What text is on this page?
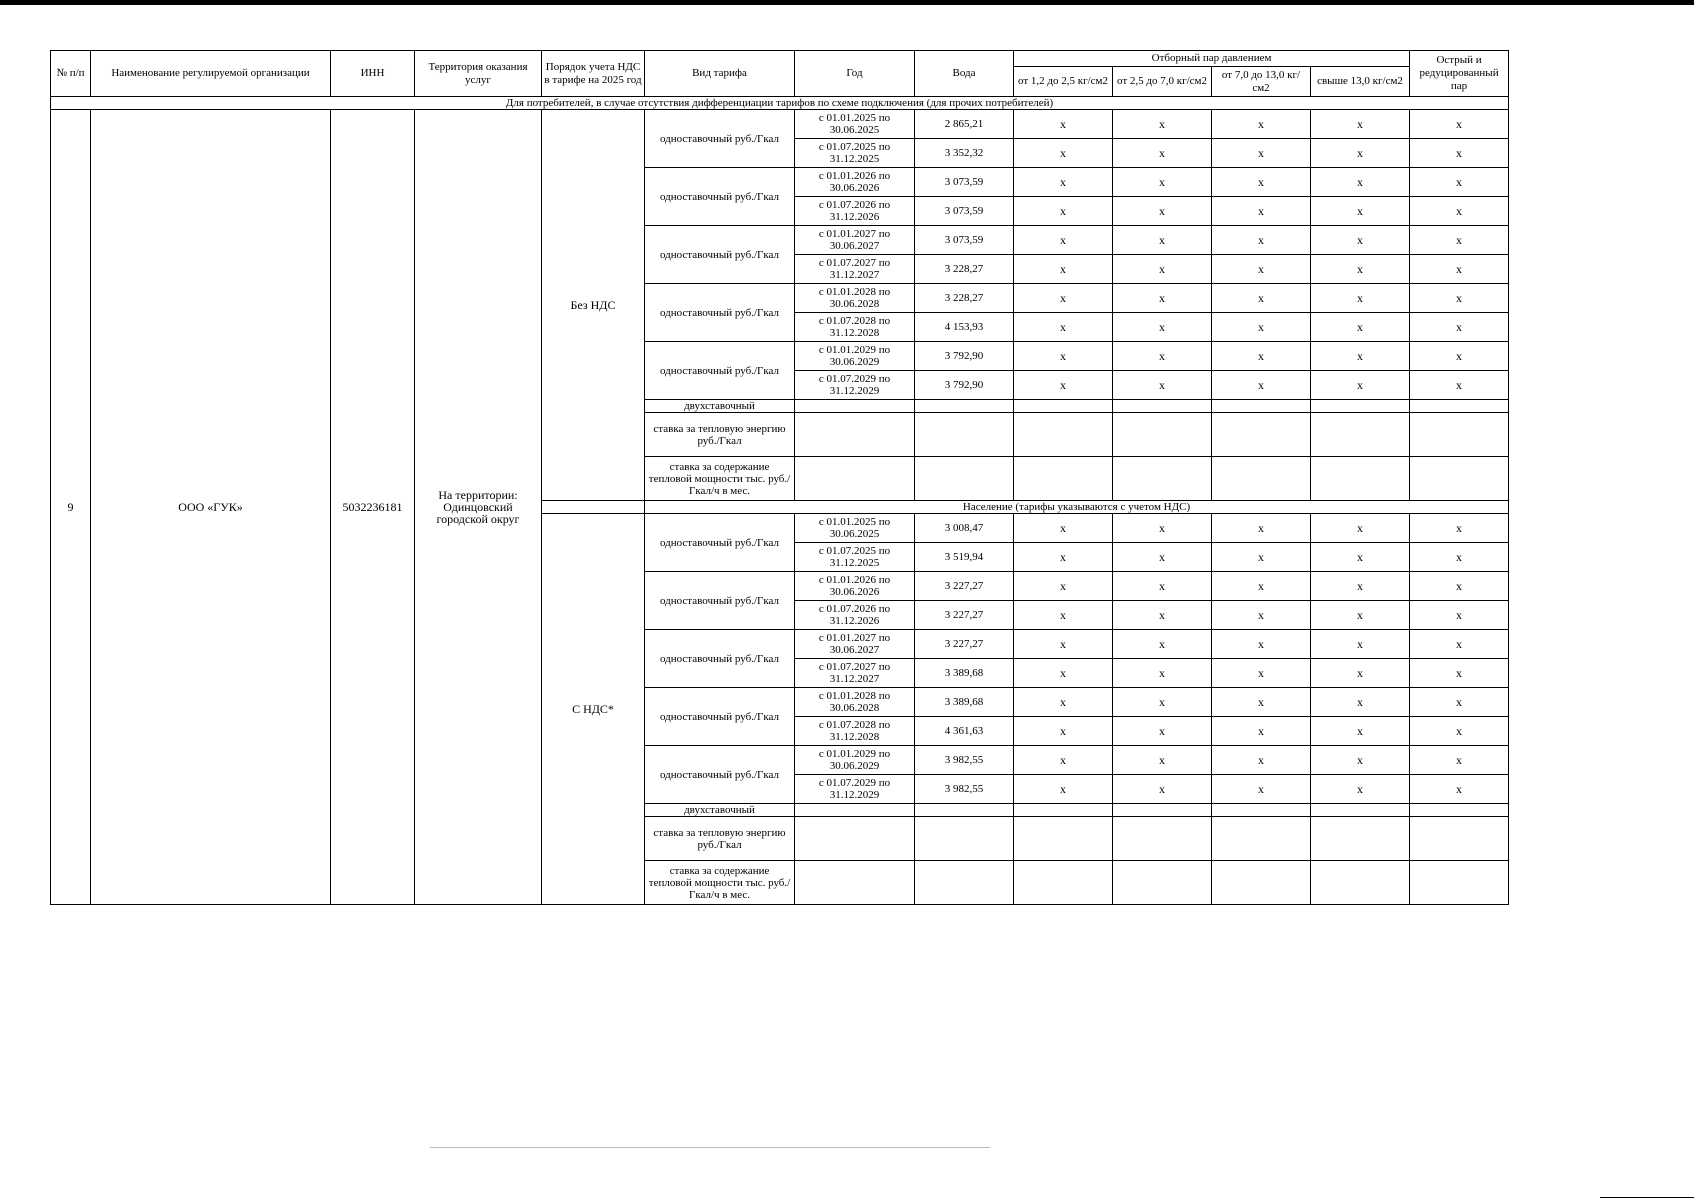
№ п/п	Наименование регулируемой организации	ИНН	Территория оказания услуг	Порядок учета НДС в тарифе на 2025 год	Вид тарифа	Год	Вода	Отборный пар давлением				Острый и редуцированный пар
								от 1,2 до 2,5 кг/см2	от 2,5 до 7,0 кг/см2	от 7,0 до 13,0 кг/см2	свыше 13,0 кг/см2	

Для потребителей, в случае отсутствия дифференциации тарифов по схеме подключения (для прочих потребителей)												
9	ООО «ГУК»	5032236181	На территории: Одинцовский городской округ	Без НДС	одноставочный руб./Гкал	с 01.01.2025 по 30.06.2025	2 865,21	x	x	x	x	x
						с 01.07.2025 по 31.12.2025	3 352,32	x	x	x	x	x
					одноставочный руб./Гкал	с 01.01.2026 по 30.06.2026	3 073,59	x	x	x	x	x
						с 01.07.2026 по 31.12.2026	3 073,59	x	x	x	x	x
					одноставочный руб./Гкал	с 01.01.2027 по 30.06.2027	3 073,59	x	x	x	x	x
						с 01.07.2027 по 31.12.2027	3 228,27	x	x	x	x	x
					одноставочный руб./Гкал	с 01.01.2028 по 30.06.2028	3 228,27	x	x	x	x	x
						с 01.07.2028 по 31.12.2028	4 153,93	x	x	x	x	x
					одноставочный руб./Гкал	с 01.01.2029 по 30.06.2029	3 792,90	x	x	x	x	x
						с 01.07.2029 по 31.12.2029	3 792,90	x	x	x	x	x
					двухставочный							
					ставка за тепловую энергию руб./Гкал							
					ставка за содержание тепловой мощности тыс. руб./Гкал/ч в мес.							
					Население (тарифы указываются с учетом НДС)							
				С НДС*	одноставочный руб./Гкал	с 01.01.2025 по 30.06.2025	3 008,47	x	x	x	x	x
						с 01.07.2025 по 31.12.2025	3 519,94	x	x	x	x	x
					одноставочный руб./Гкал	с 01.01.2026 по 30.06.2026	3 227,27	x	x	x	x	x
						с 01.07.2026 по 31.12.2026	3 227,27	x	x	x	x	x
					одноставочный руб./Гкал	с 01.01.2027 по 30.06.2027	3 227,27	x	x	x	x	x
						с 01.07.2027 по 31.12.2027	3 389,68	x	x	x	x	x
					одноставочный руб./Гкал	с 01.01.2028 по 30.06.2028	3 389,68	x	x	x	x	x
						с 01.07.2028 по 31.12.2028	4 361,63	x	x	x	x	x
					одноставочный руб./Гкал	с 01.01.2029 по 30.06.2029	3 982,55	x	x	x	x	x
						с 01.07.2029 по 31.12.2029	3 982,55	x	x	x	x	x
					двухставочный							
					ставка за тепловую энергию руб./Гкал							
					ставка за содержание тепловой мощности тыс. руб./Гкал/ч в мес.							
